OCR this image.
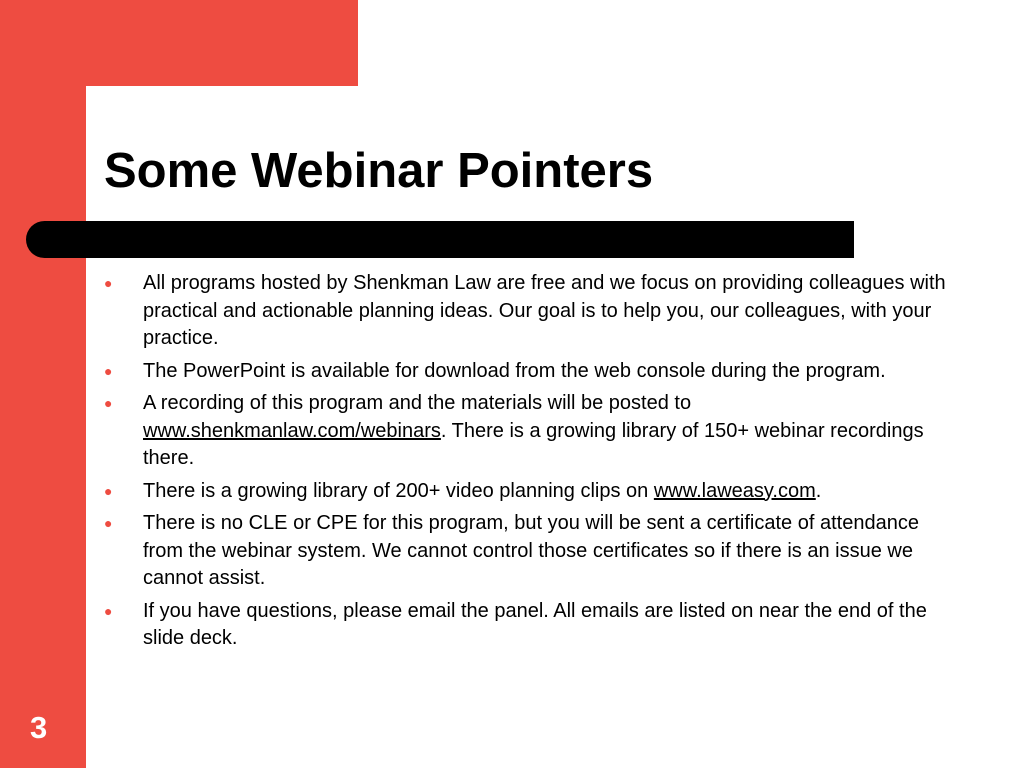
Some Webinar Pointers
● All programs hosted by Shenkman Law are free and we focus on providing colleagues with practical and actionable planning ideas. Our goal is to help you, our colleagues, with your practice.
● The PowerPoint is available for download from the web console during the program.
● A recording of this program and the materials will be posted to www.shenkmanlaw.com/webinars. There is a growing library of 150+ webinar recordings there.
● There is a growing library of 200+ video planning clips on www.laweasy.com.
● There is no CLE or CPE for this program, but you will be sent a certificate of attendance from the webinar system. We cannot control those certificates so if there is an issue we cannot assist.
● If you have questions, please email the panel. All emails are listed on near the end of the slide deck.

3
